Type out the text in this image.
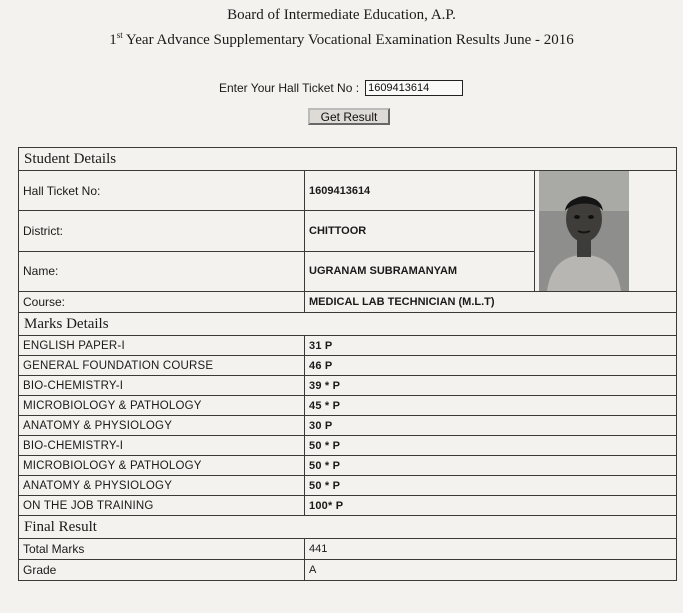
Board of Intermediate Education, A.P.
1st Year Advance Supplementary Vocational Examination Results June - 2016
Enter Your Hall Ticket No :
1609413614
Get Result
Student Details		
Hall Ticket No:	1609413614	

District:	CHITTOOR	
Name:	UGRANAM SUBRAMANYAM	
Course:	MEDICAL LAB TECHNICIAN (M.L.T)	
Marks Details		
ENGLISH PAPER-I	31 P	
GENERAL FOUNDATION COURSE	46 P	
BIO-CHEMISTRY-I	39 * P	
MICROBIOLOGY & PATHOLOGY	45 * P	
ANATOMY & PHYSIOLOGY	30 P	
BIO-CHEMISTRY-I	50 * P	
MICROBIOLOGY & PATHOLOGY	50 * P	
ANATOMY & PHYSIOLOGY	50 * P	
ON THE JOB TRAINING	100* P	
Final Result		
Total Marks	441	
Grade	A	
